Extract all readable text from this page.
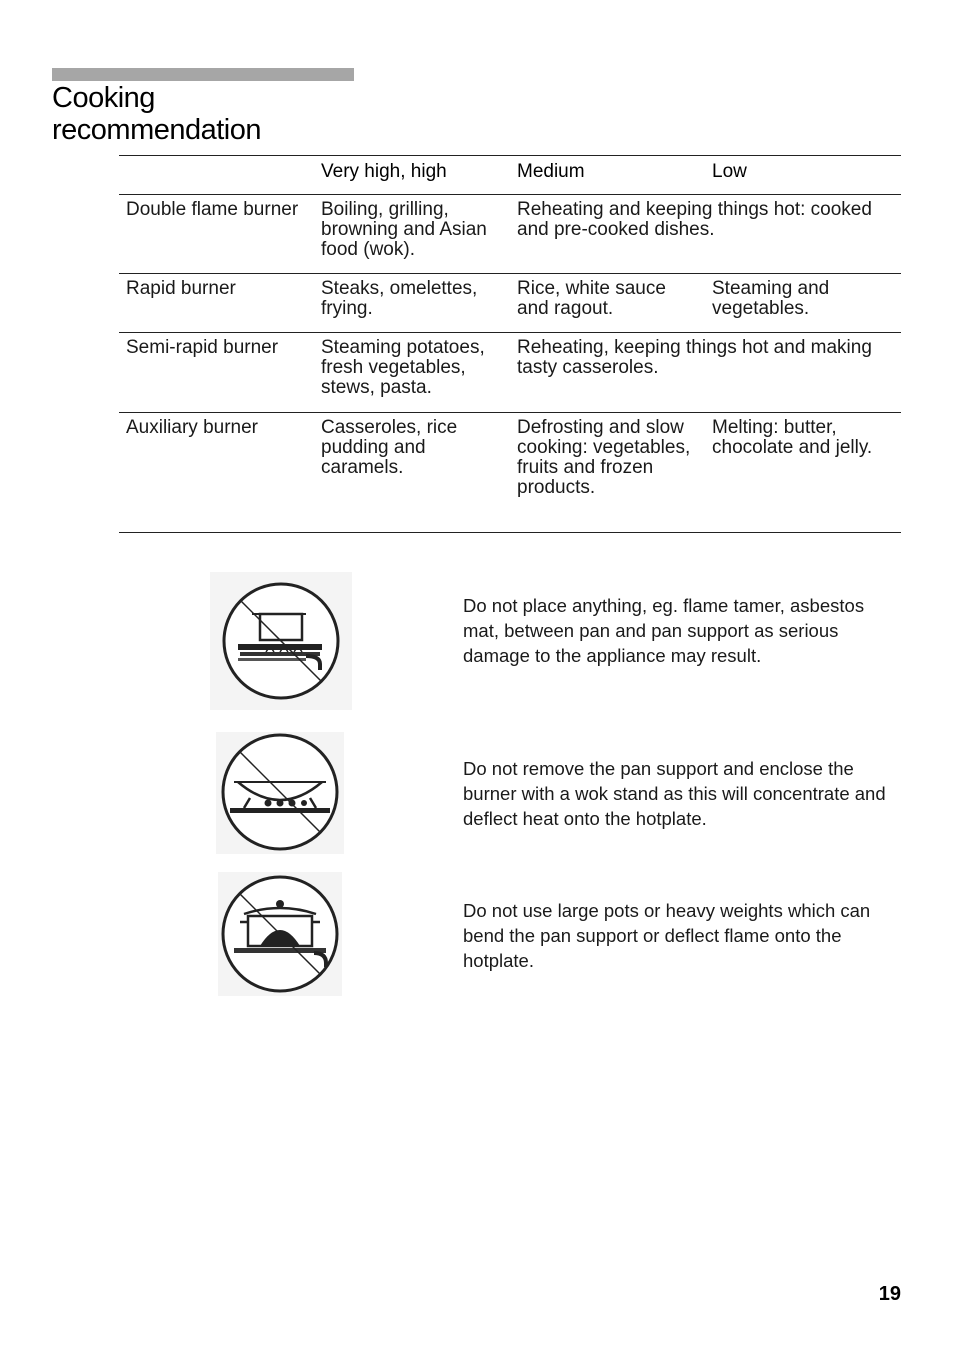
Cooking
recommendation
	Very high, high	Medium	Low
Double flame burner	Boiling, grilling, browning and Asian food (wok).	Reheating and keeping things hot: cooked and pre-cooked dishes.	
Rapid burner	Steaks, omelettes, frying.	Rice, white sauce and ragout.	Steaming and vegetables.
Semi-rapid burner	Steaming potatoes, fresh vegetables, stews, pasta.	Reheating, keeping things hot and making tasty casseroles.	
Auxiliary burner	Casseroles, rice pudding and caramels.	Defrosting and slow cooking: vegetables, fruits and frozen products.	Melting: butter, chocolate and jelly.

Do not place anything, eg. flame tamer, asbestos mat, between pan and pan support as serious damage to the appliance may result.

Do not remove the pan support and enclose the burner with a wok stand as this will concentrate and deflect heat onto the hotplate.

Do not use large pots or heavy weights which can bend the pan support or deflect flame onto the hotplate.

19
